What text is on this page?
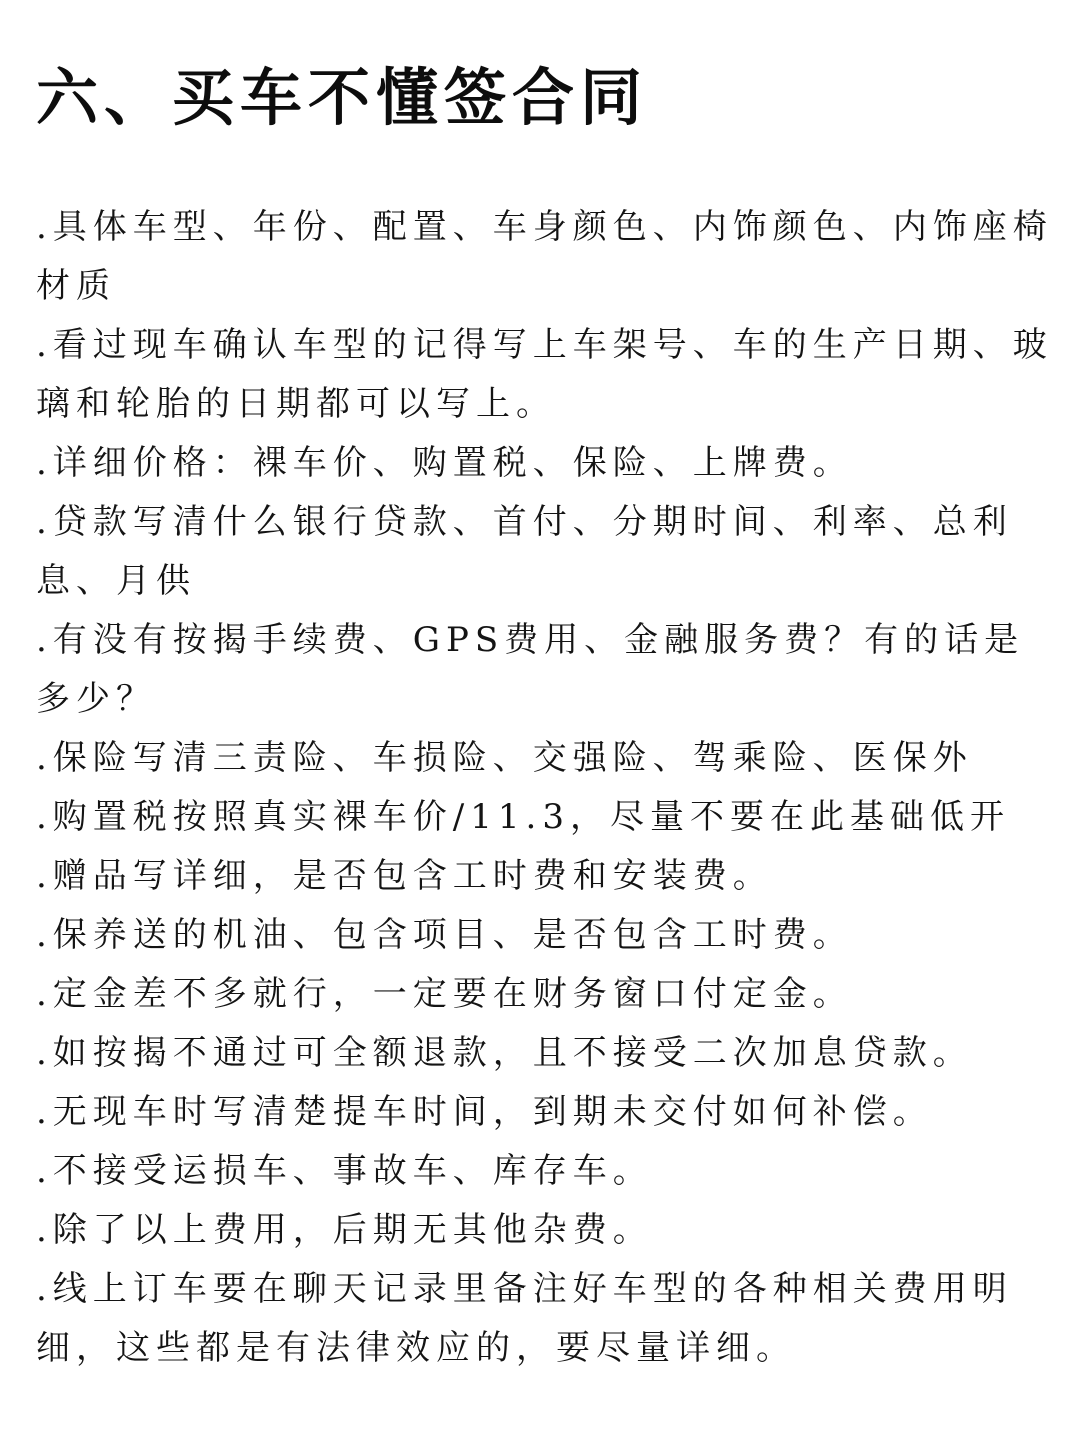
六、买车不懂签合同
.具体车型、年份、配置、车身颜色、内饰颜色、内饰座椅材质
.看过现车确认车型的记得写上车架号、车的生产日期、玻璃和轮胎的日期都可以写上。
.详细价格：裸车价、购置税、保险、上牌费。
.贷款写清什么银行贷款、首付、分期时间、利率、总利息、月供
.有没有按揭手续费、GPS费用、金融服务费？有的话是多少？
.保险写清三责险、车损险、交强险、驾乘险、医保外
.购置税按照真实裸车价/11.3，尽量不要在此基础低开
.赠品写详细，是否包含工时费和安装费。
.保养送的机油、包含项目、是否包含工时费。
.定金差不多就行，一定要在财务窗口付定金。
.如按揭不通过可全额退款，且不接受二次加息贷款。
.无现车时写清楚提车时间，到期未交付如何补偿。
.不接受运损车、事故车、库存车。
.除了以上费用，后期无其他杂费。
.线上订车要在聊天记录里备注好车型的各种相关费用明细，这些都是有法律效应的，要尽量详细。
